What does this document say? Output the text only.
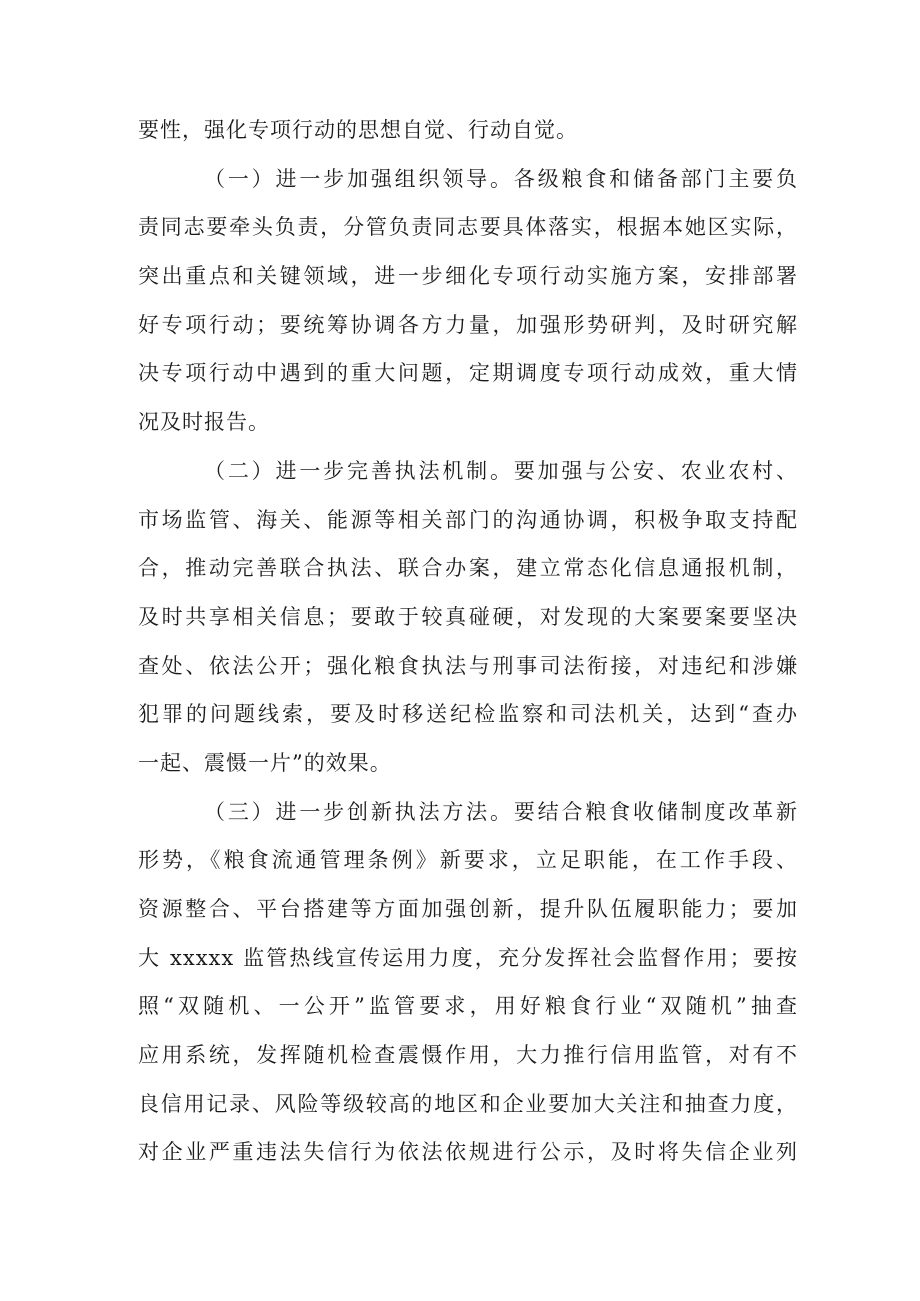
要性，强化专项行动的思想自觉、行动自觉。
（一）进一步加强组织领导。各级粮食和储备部门主要负
责同志要牵头负责，分管负责同志要具体落实，根据本她区实际，
突出重点和关键领域，进一步细化专项行动实施方案，安排部署
好专项行动；要统筹协调各方力量，加强形势研判，及时研究解
决专项行动中遇到的重大问题，定期调度专项行动成效，重大情
况及时报告。
（二）进一步完善执法机制。要加强与公安、农业农村、
市场监管、海关、能源等相关部门的沟通协调，积极争取支持配
合，推动完善联合执法、联合办案，建立常态化信息通报机制，
及时共享相关信息；要敢于较真碰硬，对发现的大案要案要坚决
查处、依法公开；强化粮食执法与刑事司法衔接，对违纪和涉嫌
犯罪的问题线索，要及时移送纪检监察和司法机关，达到“查办
一起、震慑一片”的效果。
（三）进一步创新执法方法。要结合粮食收储制度改革新
形势，《粮食流通管理条例》新要求，立足职能，在工作手段、
资源整合、平台搭建等方面加强创新，提升队伍履职能力；要加
大 xxxxx 监管热线宣传运用力度，充分发挥社会监督作用；要按
照“双随机、一公开”监管要求，用好粮食行业“双随机”抽查
应用系统，发挥随机检查震慑作用，大力推行信用监管，对有不
良信用记录、风险等级较高的地区和企业要加大关注和抽查力度，
对企业严重违法失信行为依法依规进行公示，及时将失信企业列
